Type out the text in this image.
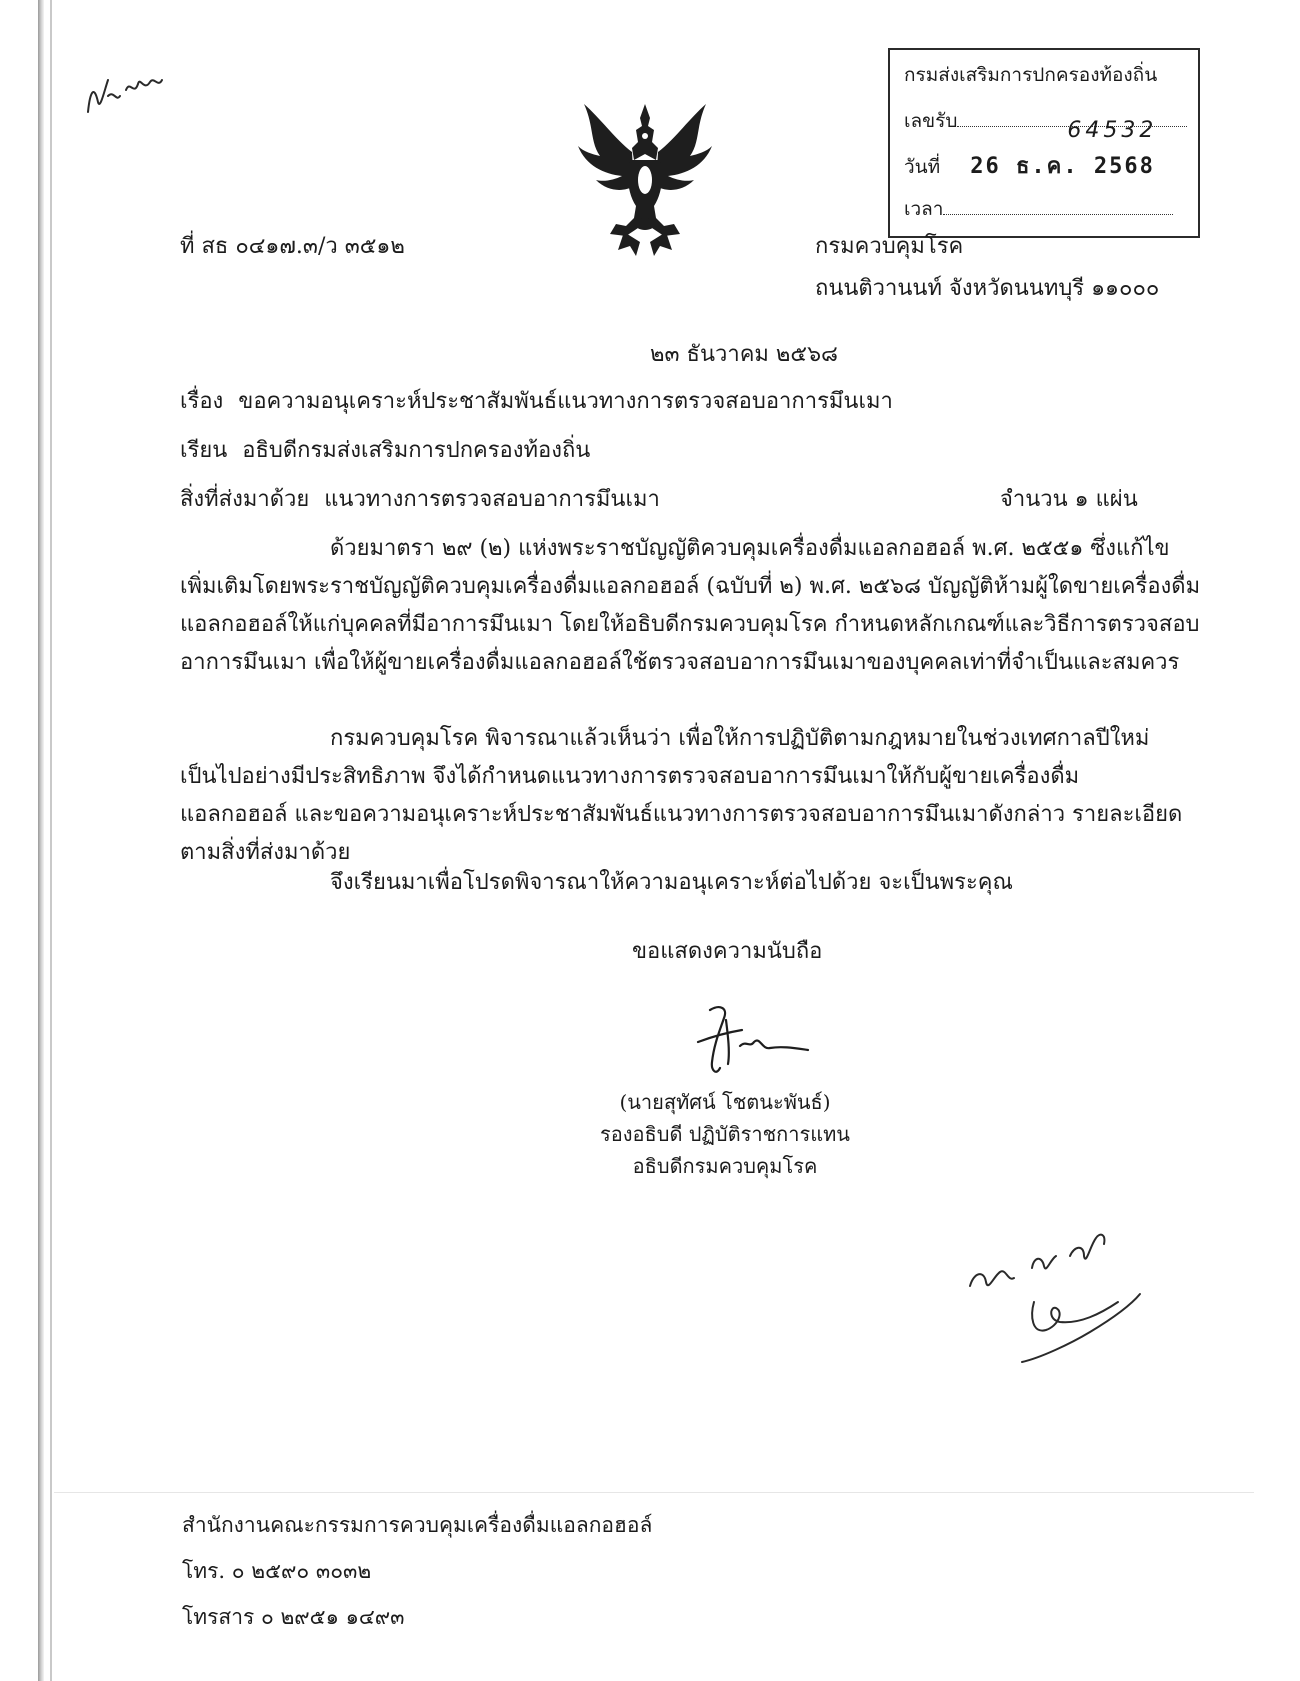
กรมส่งเสริมการปกครองท้องถิ่น
เลขรับ	64532
วันที่ 26 ธ.ค. 2568
เวลา
ที่ สธ ๐๔๑๗.๓/ว ๓๕๑๒	กรมควบคุมโรค
ถนนติวานนท์ จังหวัดนนทบุรี ๑๑๐๐๐
๒๓ ธันวาคม ๒๕๖๘
เรื่อง ขอความอนุเคราะห์ประชาสัมพันธ์แนวทางการตรวจสอบอาการมึนเมา
เรียน อธิบดีกรมส่งเสริมการปกครองท้องถิ่น
สิ่งที่ส่งมาด้วย แนวทางการตรวจสอบอาการมึนเมา	จำนวน ๑ แผ่น
ด้วยมาตรา ๒๙ (๒) แห่งพระราชบัญญัติควบคุมเครื่องดื่มแอลกอฮอล์ พ.ศ. ๒๕๕๑ ซึ่งแก้ไข
เพิ่มเติมโดยพระราชบัญญัติควบคุมเครื่องดื่มแอลกอฮอล์ (ฉบับที่ ๒) พ.ศ. ๒๕๖๘ บัญญัติห้ามผู้ใดขายเครื่องดื่ม
แอลกอฮอล์ให้แก่บุคคลที่มีอาการมึนเมา โดยให้อธิบดีกรมควบคุมโรค กำหนดหลักเกณฑ์และวิธีการตรวจสอบ
อาการมึนเมา เพื่อให้ผู้ขายเครื่องดื่มแอลกอฮอล์ใช้ตรวจสอบอาการมึนเมาของบุคคลเท่าที่จำเป็นและสมควร
กรมควบคุมโรค พิจารณาแล้วเห็นว่า เพื่อให้การปฏิบัติตามกฎหมายในช่วงเทศกาลปีใหม่
เป็นไปอย่างมีประสิทธิภาพ จึงได้กำหนดแนวทางการตรวจสอบอาการมึนเมาให้กับผู้ขายเครื่องดื่ม
แอลกอฮอล์ และขอความอนุเคราะห์ประชาสัมพันธ์แนวทางการตรวจสอบอาการมึนเมาดังกล่าว รายละเอียด
ตามสิ่งที่ส่งมาด้วย
จึงเรียนมาเพื่อโปรดพิจารณาให้ความอนุเคราะห์ต่อไปด้วย จะเป็นพระคุณ
ขอแสดงความนับถือ
(นายสุทัศน์ โชตนะพันธ์)
รองอธิบดี ปฏิบัติราชการแทน
อธิบดีกรมควบคุมโรค
สำนักงานคณะกรรมการควบคุมเครื่องดื่มแอลกอฮอล์
โทร. ๐ ๒๕๙๐ ๓๐๓๒
โทรสาร ๐ ๒๙๕๑ ๑๔๙๓
